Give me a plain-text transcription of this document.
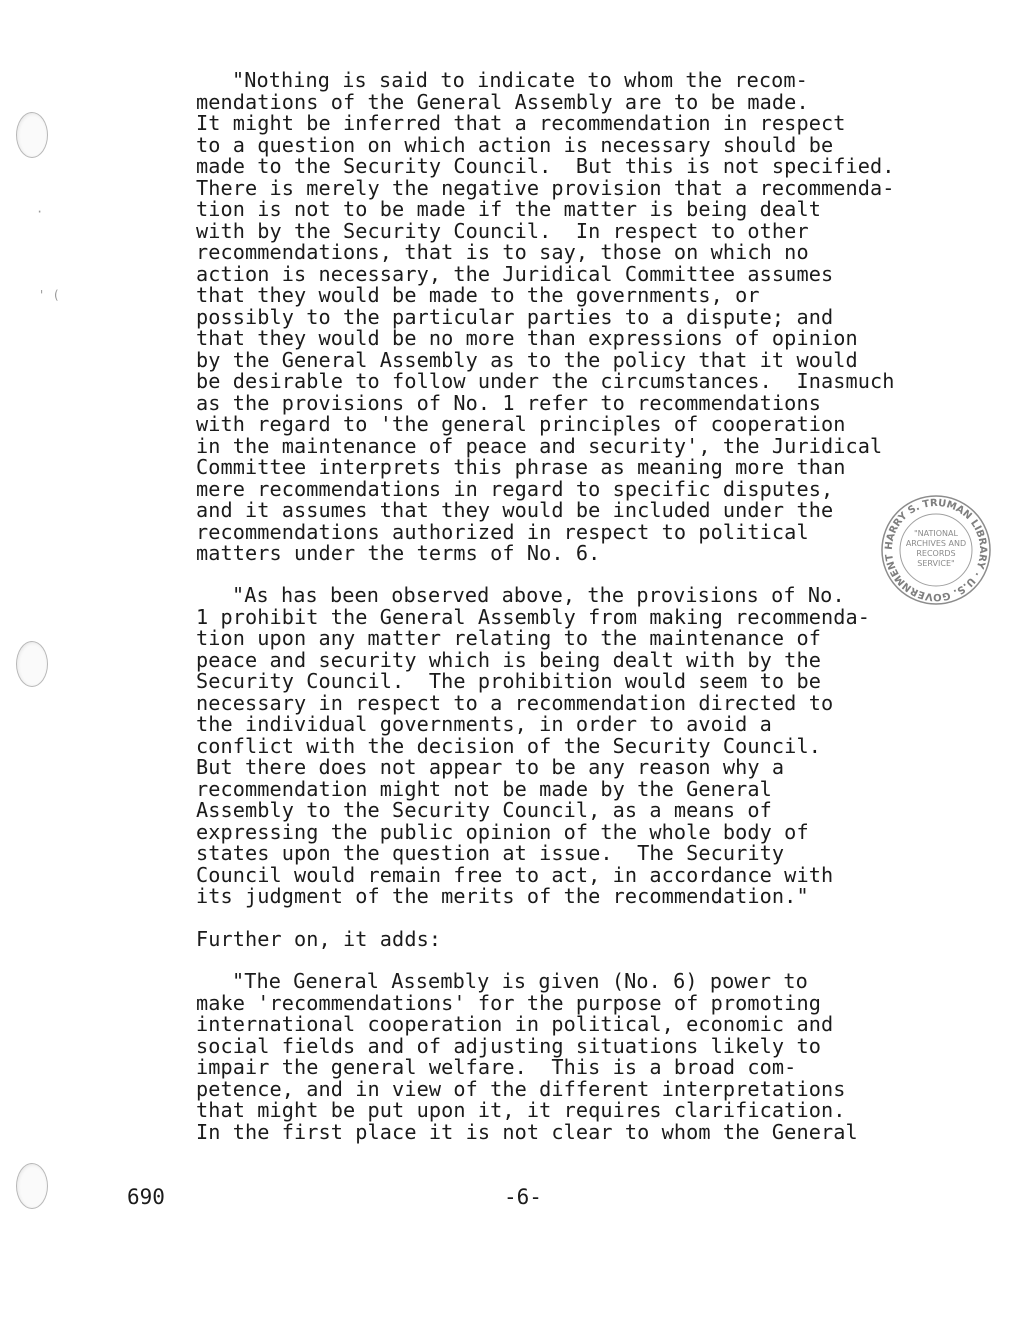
·
' (
"Nothing is said to indicate to whom the recom-
mendations of the General Assembly are to be made.
It might be inferred that a recommendation in respect
to a question on which action is necessary should be
made to the Security Council.  But this is not specified.
There is merely the negative provision that a recommenda-
tion is not to be made if the matter is being dealt
with by the Security Council.  In respect to other
recommendations, that is to say, those on which no
action is necessary, the Juridical Committee assumes
that they would be made to the governments, or
possibly to the particular parties to a dispute; and
that they would be no more than expressions of opinion
by the General Assembly as to the policy that it would
be desirable to follow under the circumstances.  Inasmuch
as the provisions of No. 1 refer to recommendations
with regard to 'the general principles of cooperation
in the maintenance of peace and security', the Juridical
Committee interprets this phrase as meaning more than
mere recommendations in regard to specific disputes,
and it assumes that they would be included under the
recommendations authorized in respect to political
matters under the terms of No. 6.
"As has been observed above, the provisions of No.
1 prohibit the General Assembly from making recommenda-
tion upon any matter relating to the maintenance of
peace and security which is being dealt with by the
Security Council.  The prohibition would seem to be
necessary in respect to a recommendation directed to
the individual governments, in order to avoid a
conflict with the decision of the Security Council.
But there does not appear to be any reason why a
recommendation might not be made by the General
Assembly to the Security Council, as a means of
expressing the public opinion of the whole body of
states upon the question at issue.  The Security
Council would remain free to act, in accordance with
its judgment of the merits of the recommendation."
Further on, it adds:
"The General Assembly is given (No. 6) power to
make 'recommendations' for the purpose of promoting
international cooperation in political, economic and
social fields and of adjusting situations likely to
impair the general welfare.  This is a broad com-
petence, and in view of the different interpretations
that might be put upon it, it requires clarification.
In the first place it is not clear to whom the General
HARRY S. TRUMAN LIBRARY · U.S. GOVERNMENT
"NATIONAL
ARCHIVES AND
RECORDS
SERVICE"
690	-6-
